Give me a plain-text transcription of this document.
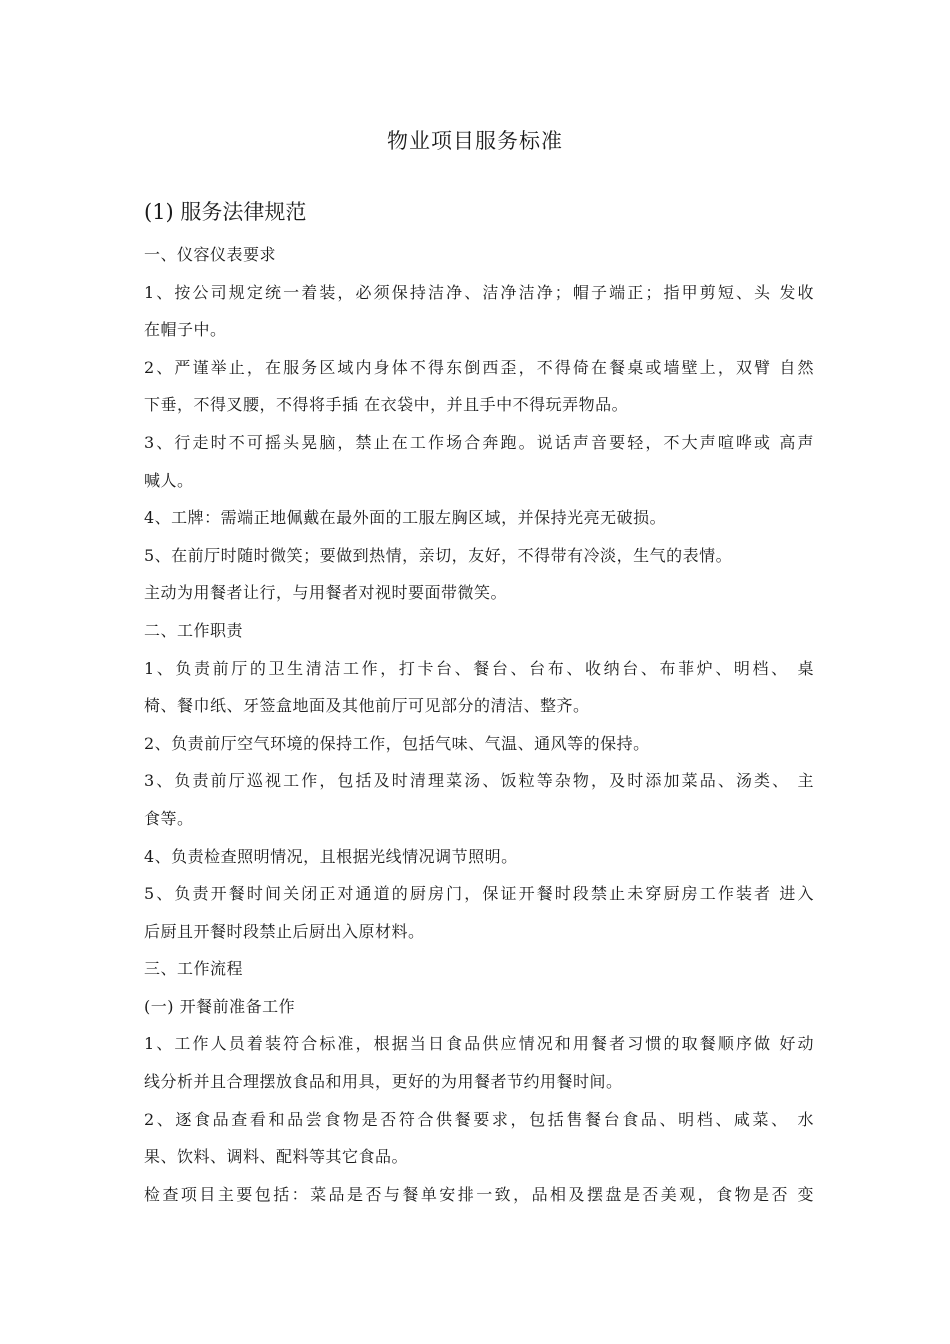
物业项目服务标准
(1) 服务法律规范
一、仪容仪表要求
1、按公司规定统一着装，必须保持洁净、洁净洁净；帽子端正；指甲剪短、头 发收
在帽子中。
2、严谨举止，在服务区域内身体不得东倒西歪，不得倚在餐桌或墙壁上，双臂 自然
下垂，不得叉腰，不得将手插 在衣袋中，并且手中不得玩弄物品。
3、行走时不可摇头晃脑，禁止在工作场合奔跑。说话声音要轻，不大声喧哗或 高声
喊人。
4、工牌：需端正地佩戴在最外面的工服左胸区域，并保持光亮无破损。
5、在前厅时随时微笑；要做到热情，亲切，友好，不得带有冷淡，生气的表情。
主动为用餐者让行，与用餐者对视时要面带微笑。
二、工作职责
1、负责前厅的卫生清洁工作，打卡台、餐台、台布、收纳台、布菲炉、明档、 桌
椅、餐巾纸、牙签盒地面及其他前厅可见部分的清洁、整齐。
2、负责前厅空气环境的保持工作，包括气味、气温、通风等的保持。
3、负责前厅巡视工作，包括及时清理菜汤、饭粒等杂物，及时添加菜品、汤类、 主
食等。
4、负责检查照明情况，且根据光线情况调节照明。
5、负责开餐时间关闭正对通道的厨房门，保证开餐时段禁止未穿厨房工作装者 进入
后厨且开餐时段禁止后厨出入原材料。
三、工作流程
(一) 开餐前准备工作
1、工作人员着装符合标准，根据当日食品供应情况和用餐者习惯的取餐顺序做 好动
线分析并且合理摆放食品和用具，更好的为用餐者节约用餐时间。
2、逐食品查看和品尝食物是否符合供餐要求，包括售餐台食品、明档、咸菜、 水
果、饮料、调料、配料等其它食品。
检查项目主要包括：菜品是否与餐单安排一致，品相及摆盘是否美观，食物是否 变
